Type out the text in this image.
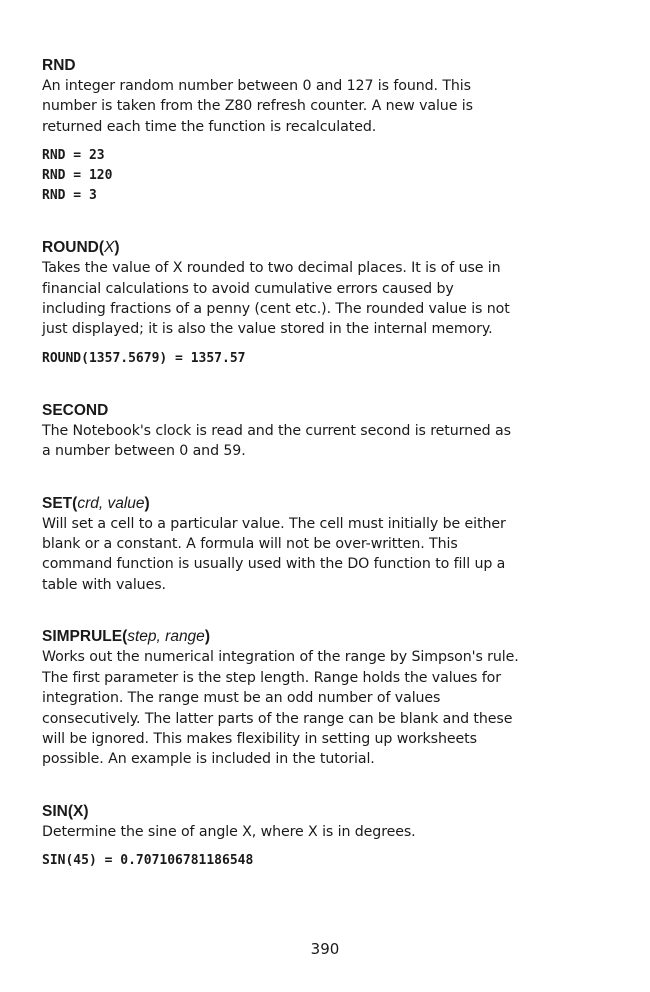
RND

An integer random number between 0 and 127 is found. This

number is taken from the Z80 refresh counter. A new value is

returned each time the function is recalculated.

RND = 23

RND = 120

RND = 3

ROUND(X)

Takes the value of X rounded to two decimal places. It is of use in

financial calculations to avoid cumulative errors caused by

including fractions of a penny (cent etc.). The rounded value is not

just displayed; it is also the value stored in the internal memory.

ROUND(1357.5679) = 1357.57

SECOND

The Notebook's clock is read and the current second is returned as

a number between 0 and 59.

SET(crd, value)

Will set a cell to a particular value. The cell must initially be either

blank or a constant. A formula will not be over-written. This

command function is usually used with the DO function to fill up a

table with values.

SIMPRULE(step, range)

Works out the numerical integration of the range by Simpson's rule.

The first parameter is the step length. Range holds the values for

integration. The range must be an odd number of values

consecutively. The latter parts of the range can be blank and these

will be ignored. This makes flexibility in setting up worksheets

possible. An example is included in the tutorial.

SIN(X)

Determine the sine of angle X, where X is in degrees.

SIN(45) = 0.707106781186548

390
